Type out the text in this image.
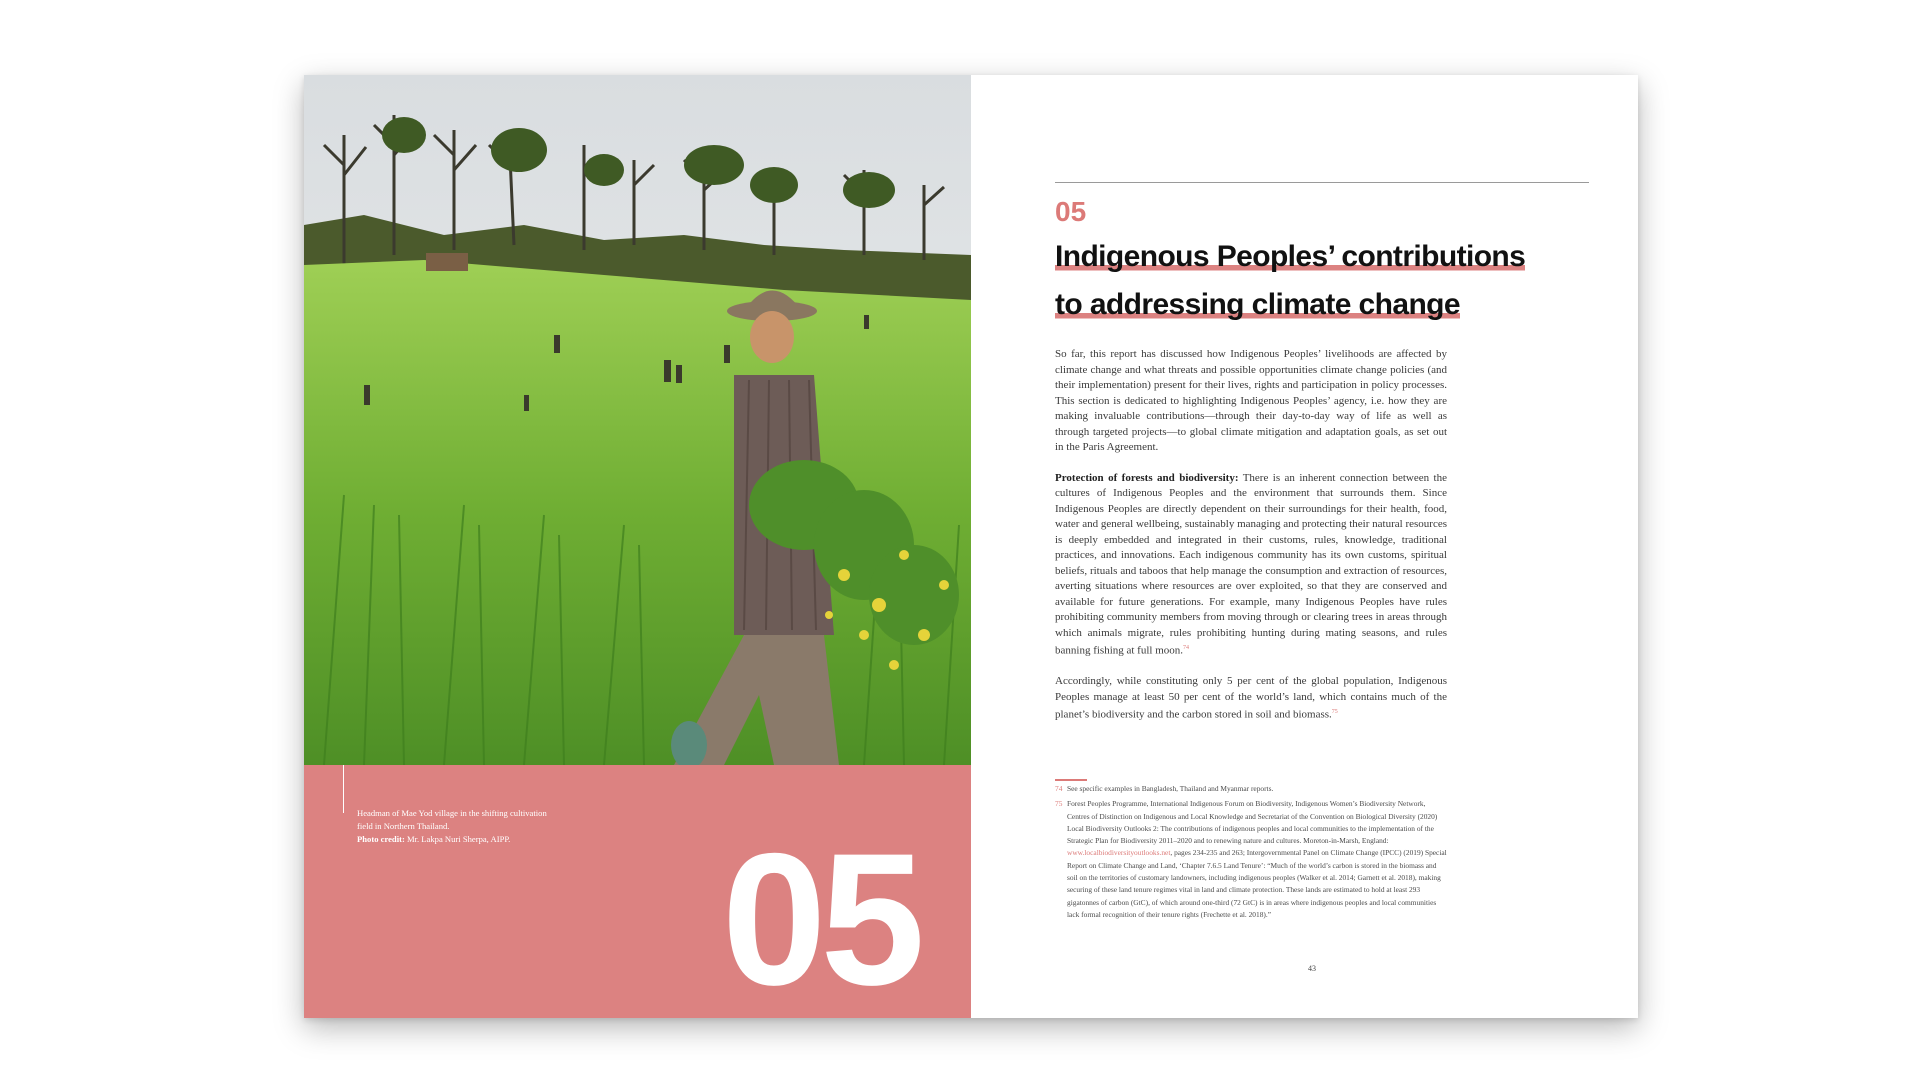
Headman of Mae Yod village in the shifting cultivation field in Northern Thailand.
Photo credit: Mr. Lakpa Nuri Sherpa, AIPP. 05
05
Indigenous Peoples’ contributions
to addressing climate change

So far, this report has discussed how Indigenous Peoples’ livelihoods are affected by climate change and what threats and possible opportunities climate change policies (and their implementation) present for their lives, rights and participation in policy processes. This section is dedicated to highlighting Indigenous Peoples’ agency, i.e. how they are making invaluable contributions—through their day-to-day way of life as well as through targeted projects—to global climate mitigation and adaptation goals, as set out in the Paris Agreement.

Protection of forests and biodiversity: There is an inherent connection between the cultures of Indigenous Peoples and the environment that surrounds them. Since Indigenous Peoples are directly dependent on their surroundings for their health, food, water and general wellbeing, sustainably managing and protecting their natural resources is deeply embedded and integrated in their customs, rules, knowledge, traditional practices, and innovations. Each indigenous community has its own customs, spiritual beliefs, rituals and taboos that help manage the consumption and extraction of resources, averting situations where resources are over exploited, so that they are conserved and available for future generations. For example, many Indigenous Peoples have rules prohibiting community members from moving through or clearing trees in areas through which animals migrate, rules prohibiting hunting during mating seasons, and rules banning fishing at full moon.$^{74}$

Accordingly, while constituting only 5 per cent of the global population, Indigenous Peoples manage at least 50 per cent of the world’s land, which contains much of the planet’s biodiversity and the carbon stored in soil and biomass.$^{75}$

74 See specific examples in Bangladesh, Thailand and Myanmar reports.
75 Forest Peoples Programme, International Indigenous Forum on Biodiversity, Indigenous Women’s Biodiversity Network, Centres of Distinction on Indigenous and Local Knowledge and Secretariat of the Convention on Biological Diversity (2020) Local Biodiversity Outlooks 2: The contributions of indigenous peoples and local communities to the implementation of the Strategic Plan for Biodiversity 2011–2020 and to renewing nature and cultures. Moreton-in-Marsh, England: www.localbiodiversityoutlooks.net, pages 234-235 and 263; Intergovernmental Panel on Climate Change (IPCC) (2019) Special Report on Climate Change and Land, ‘Chapter 7.6.5 Land Tenure’: “Much of the world’s carbon is stored in the biomass and soil on the territories of customary landowners, including indigenous peoples (Walker et al. 2014; Garnett et al. 2018), making securing of these land tenure regimes vital in land and climate protection. These lands are estimated to hold at least 293 gigatonnes of carbon (GtC), of which around one-third (72 GtC) is in areas where indigenous peoples and local communities lack formal recognition of their tenure rights (Frechette et al. 2018).”
43
